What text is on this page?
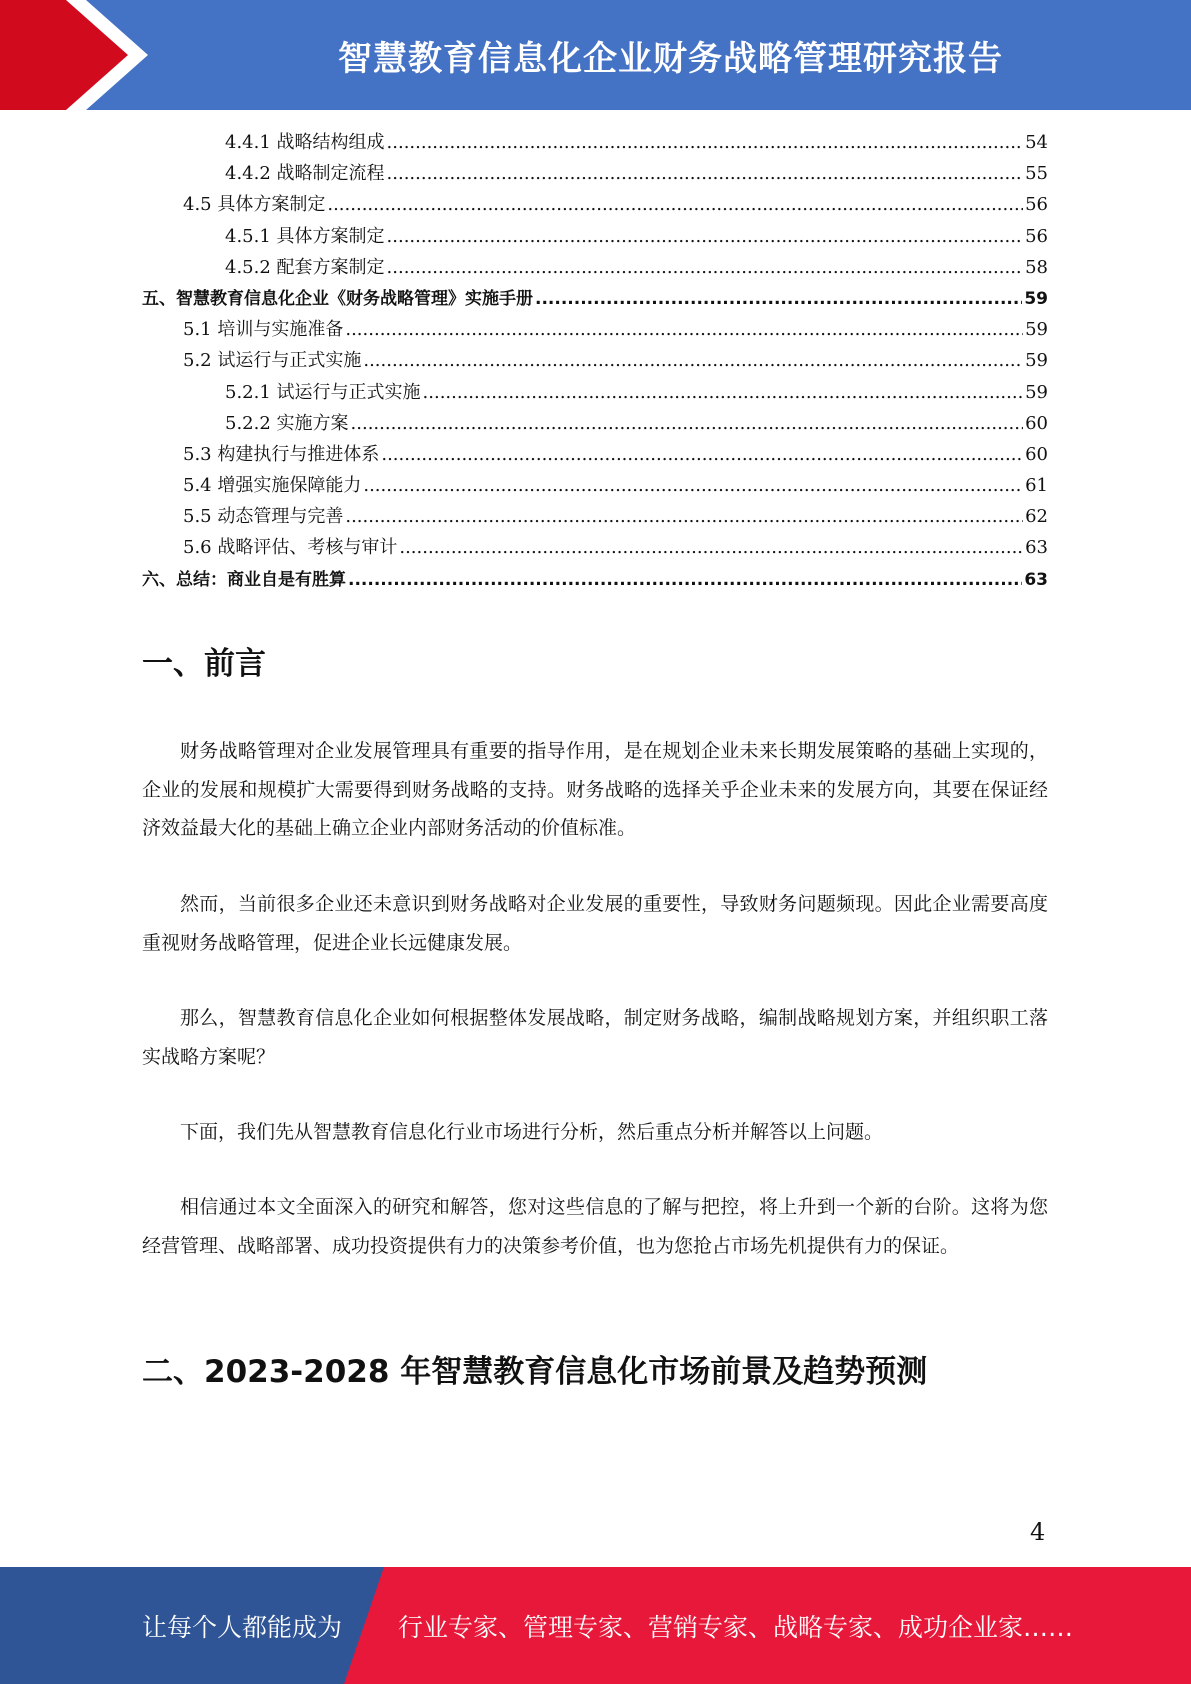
智慧教育信息化企业财务战略管理研究报告
4.4.1 战略结构组成 .....	54
4.4.2 战略制定流程 .....	55
4.5 具体方案制定 .....	56
4.5.1 具体方案制定 .....	56
4.5.2 配套方案制定 .....	58
五、智慧教育信息化企业《财务战略管理》实施手册 .....	59
5.1 培训与实施准备 .....	59
5.2 试运行与正式实施 .....	59
5.2.1 试运行与正式实施 .....	59
5.2.2 实施方案 .....	60
5.3 构建执行与推进体系 .....	60
5.4 增强实施保障能力 .....	61
5.5 动态管理与完善 .....	62
5.6 战略评估、考核与审计 .....	63
六、总结：商业自是有胜算 .....	63
一、前言

财务战略管理对企业发展管理具有重要的指导作用，是在规划企业未来长期发展策略的基础上实现的，企业的发展和规模扩大需要得到财务战略的支持。财务战略的选择关乎企业未来的发展方向，其要在保证经济效益最大化的基础上确立企业内部财务活动的价值标准。

然而，当前很多企业还未意识到财务战略对企业发展的重要性，导致财务问题频现。因此企业需要高度重视财务战略管理，促进企业长远健康发展。

那么，智慧教育信息化企业如何根据整体发展战略，制定财务战略，编制战略规划方案，并组织职工落实战略方案呢？

下面，我们先从智慧教育信息化行业市场进行分析，然后重点分析并解答以上问题。

相信通过本文全面深入的研究和解答，您对这些信息的了解与把控，将上升到一个新的台阶。这将为您经营管理、战略部署、成功投资提供有力的决策参考价值，也为您抢占市场先机提供有力的保证。

二、2023-2028 年智慧教育信息化市场前景及趋势预测
4
让每个人都能成为 行业专家、管理专家、营销专家、战略专家、成功企业家……
